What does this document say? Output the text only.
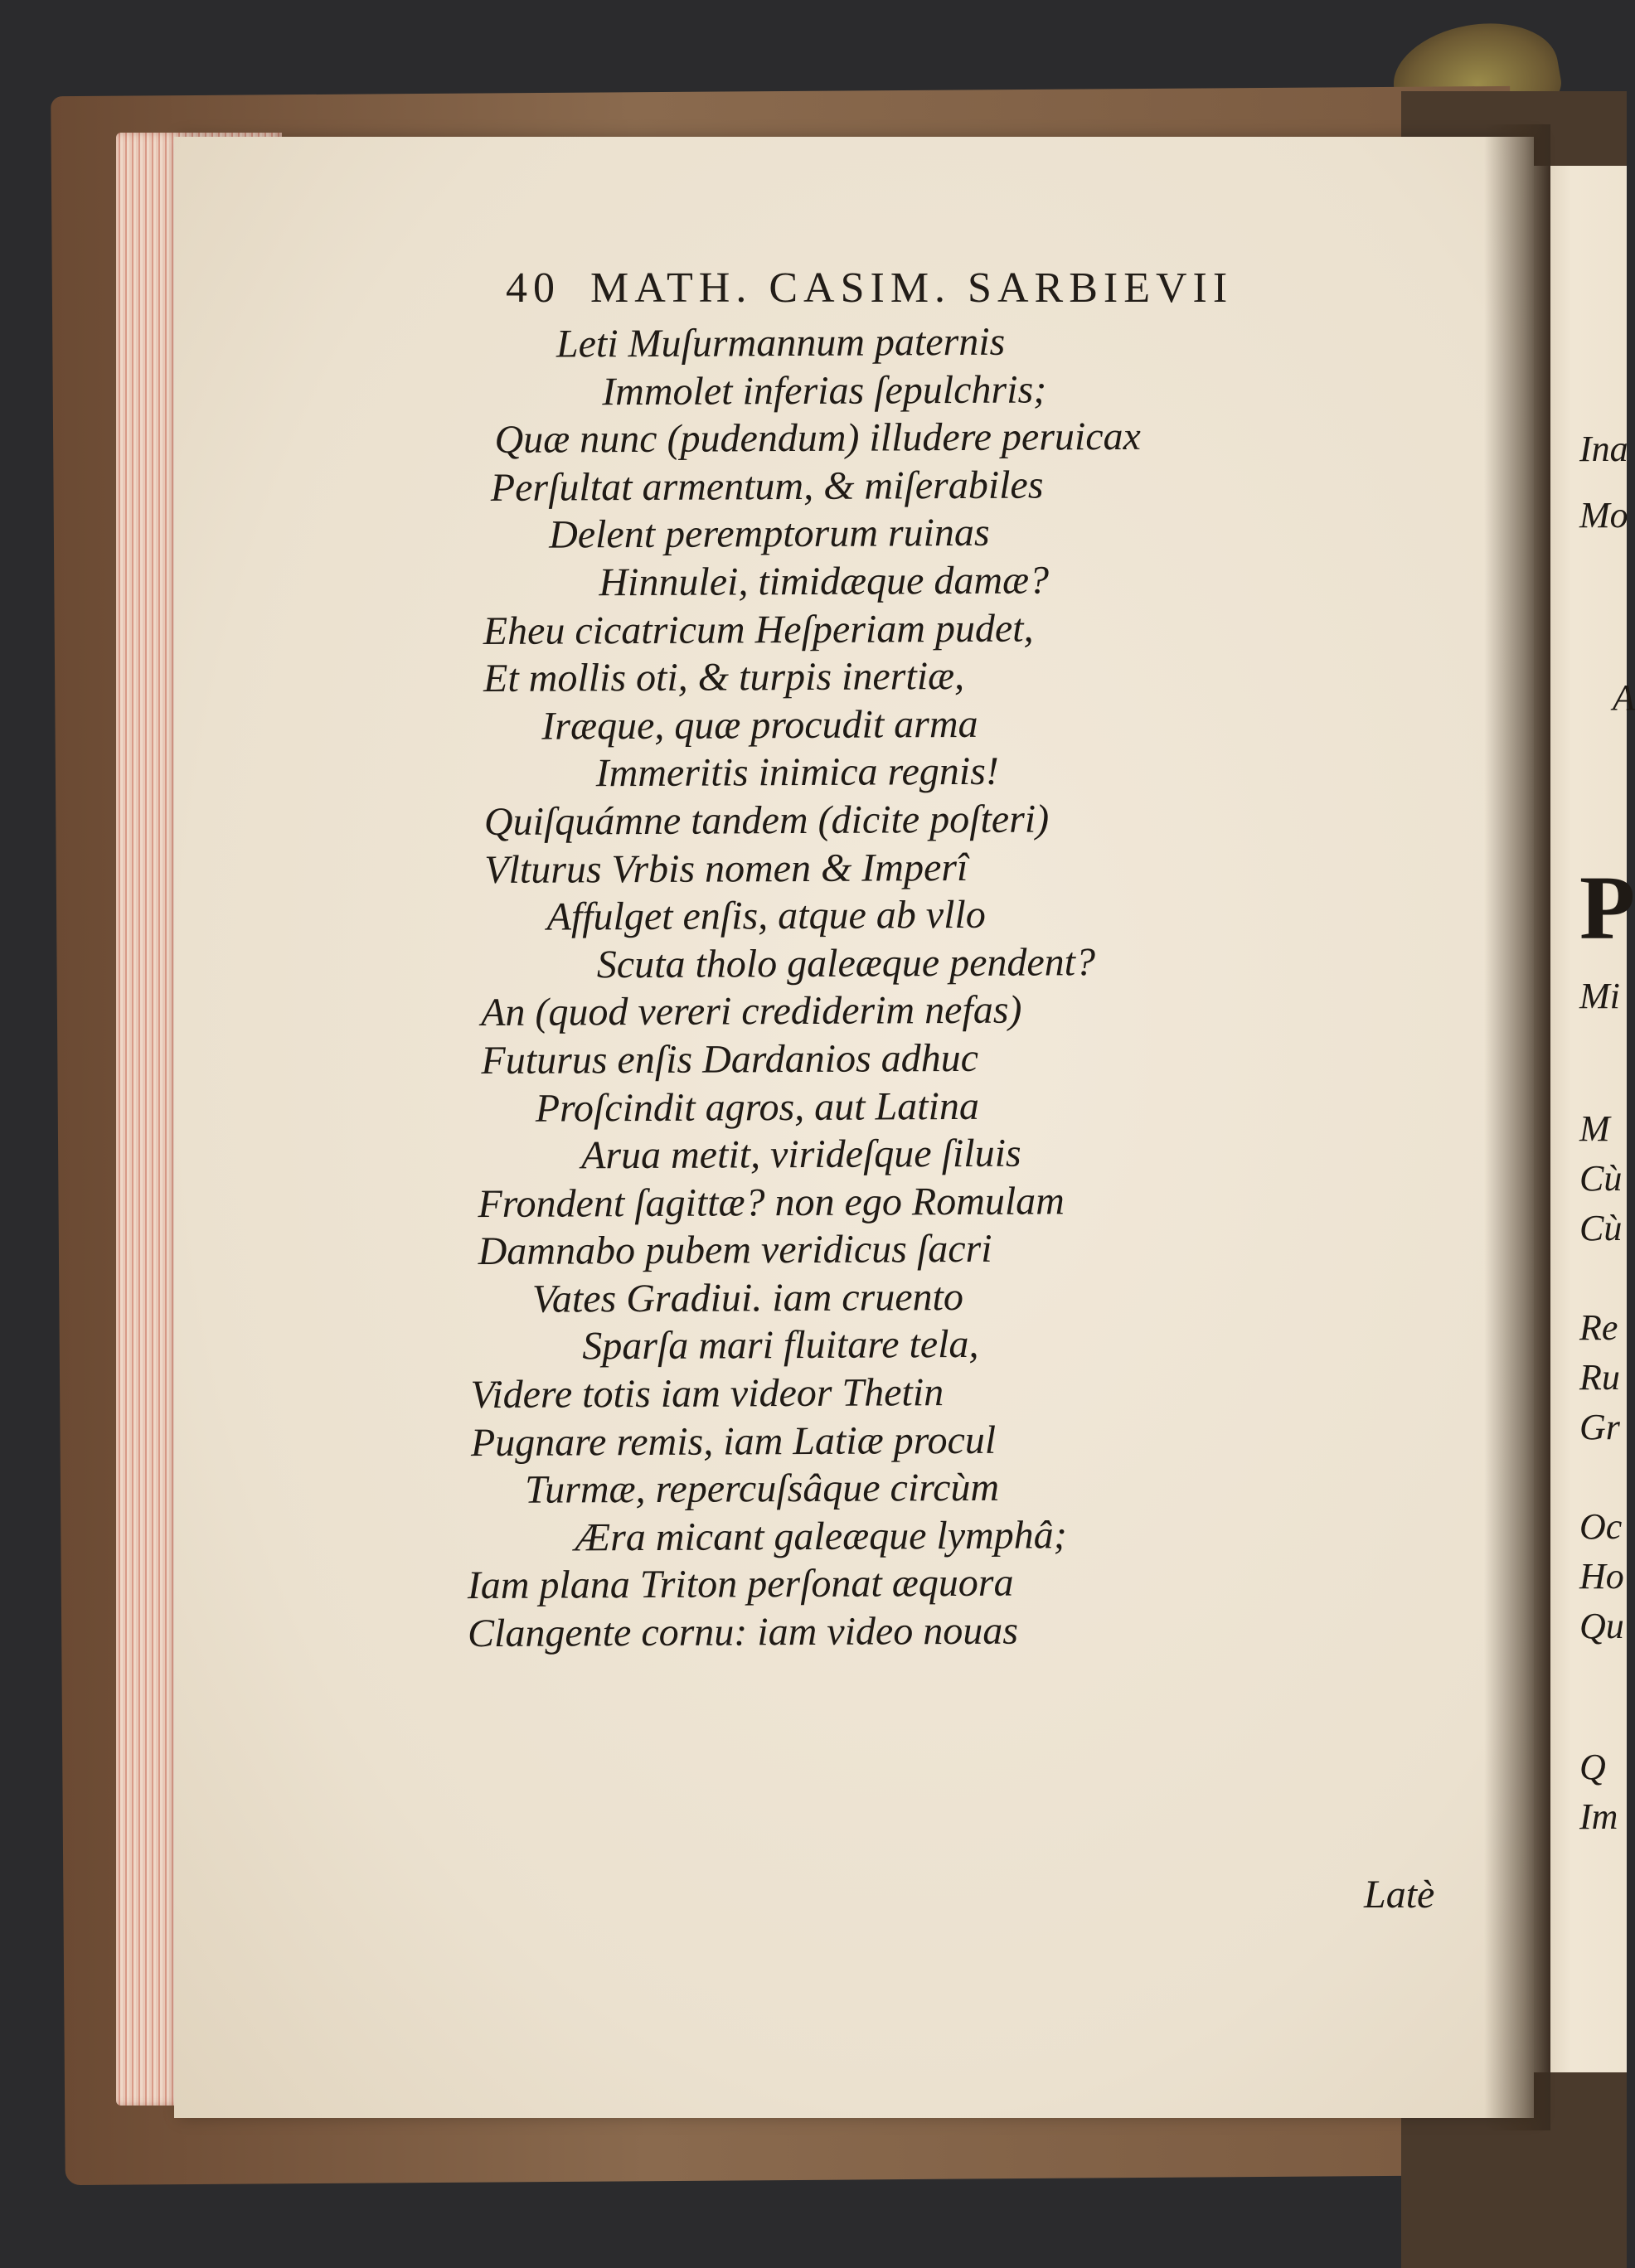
40 MATH. CASIM. SARBIEVII
Leti Muſurmannum paternis
Immolet inferias ſepulchris;
Quæ nunc (pudendum) illudere peruicax
Perſultat armentum, & miſerabiles
Delent peremptorum ruinas
Hinnulei, timidæque damæ?
Eheu cicatricum Heſperiam pudet,
Et mollis oti, & turpis inertiæ,
Iræque, quæ procudit arma
Immeritis inimica regnis!
Quiſquámne tandem (dicite poſteri)
Vlturus Vrbis nomen & Imperî
Affulget enſis, atque ab vllo
Scuta tholo galeæque pendent?
An (quod vereri crediderim nefas)
Futurus enſis Dardanios adhuc
Proſcindit agros, aut Latina
Arua metit, virideſque ſiluis
Frondent ſagittæ? non ego Romulam
Damnabo pubem veridicus ſacri
Vates Gradiui. iam cruento
Sparſa mari fluitare tela,
Videre totis iam videor Thetin
Pugnare remis, iam Latiæ procul
Turmæ, repercuſsâque circùm
Æra micant galeæque lymphâ;
Iam plana Triton perſonat æquora
Clangente cornu: iam video nouas
Latè
Ina
Mo
A
P
Mi
M
Cù
Cù
Re
Ru
Gr
Oc
Ho
Qu
Q
Im
